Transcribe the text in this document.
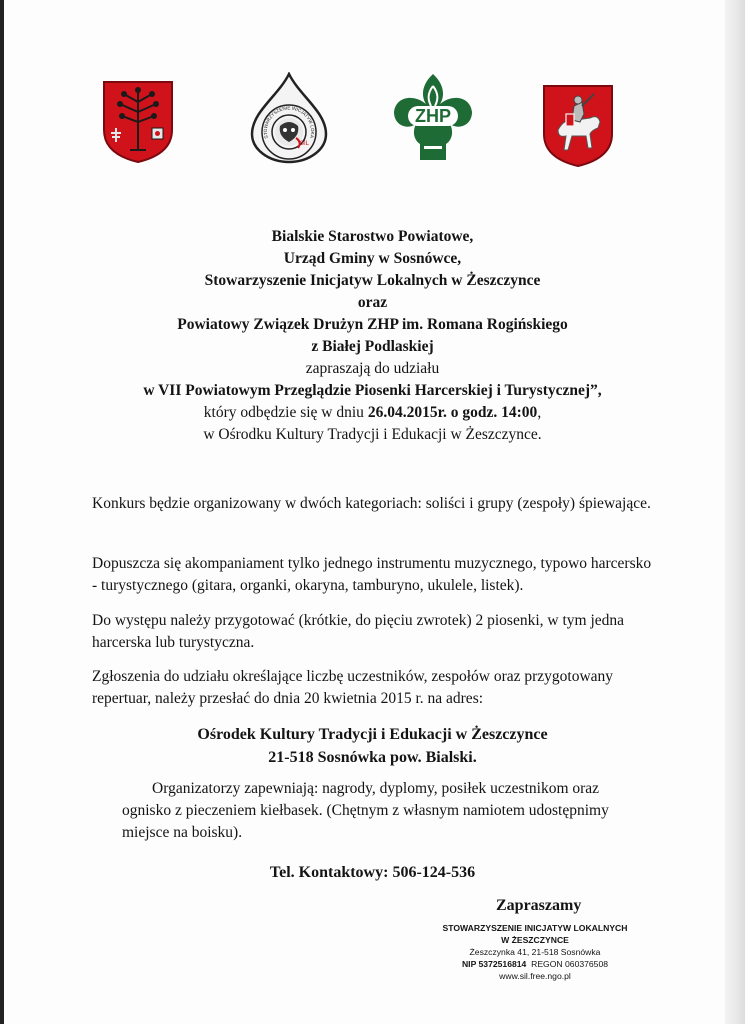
SIL
STOWARZYSZENIE INICJATYW LOKA
ZHP
Bialskie Starostwo Powiatowe,
Urząd Gminy w Sosnówce,
Stowarzyszenie Inicjatyw Lokalnych w Żeszczynce
oraz
Powiatowy Związek Drużyn ZHP im. Romana Rogińskiego
z Białej Podlaskiej
zapraszają do udziału
w VII Powiatowym Przeglądzie Piosenki Harcerskiej i Turystycznej”,
który odbędzie się w dniu 26.04.2015r. o godz. 14:00,
w Ośrodku Kultury Tradycji i Edukacji w Żeszczynce.
Konkurs będzie organizowany w dwóch kategoriach: soliści i grupy (zespoły) śpiewające.
Dopuszcza się akompaniament tylko jednego instrumentu muzycznego, typowo harcersko - turystycznego (gitara, organki, okaryna, tamburyno, ukulele, listek).
Do występu należy przygotować (krótkie, do pięciu zwrotek) 2 piosenki, w tym jedna harcerska lub turystyczna.
Zgłoszenia do udziału określające liczbę uczestników, zespołów oraz przygotowany repertuar, należy przesłać do dnia 20 kwietnia 2015 r. na adres:
Ośrodek Kultury Tradycji i Edukacji w Żeszczynce
21-518 Sosnówka pow. Bialski.
Organizatorzy zapewniają: nagrody, dyplomy, posiłek uczestnikom oraz
ognisko z pieczeniem kiełbasek. (Chętnym z własnym namiotem udostępnimy
miejsce na boisku).
Tel. Kontaktowy: 506-124-536
Zapraszamy
STOWARZYSZENIE INICJATYW LOKALNYCH
W ŻESZCZYNCE
Żeszczynka 41, 21-518 Sosnówka
NIP 5372516814 REGON 060376508
www.sil.free.ngo.pl
